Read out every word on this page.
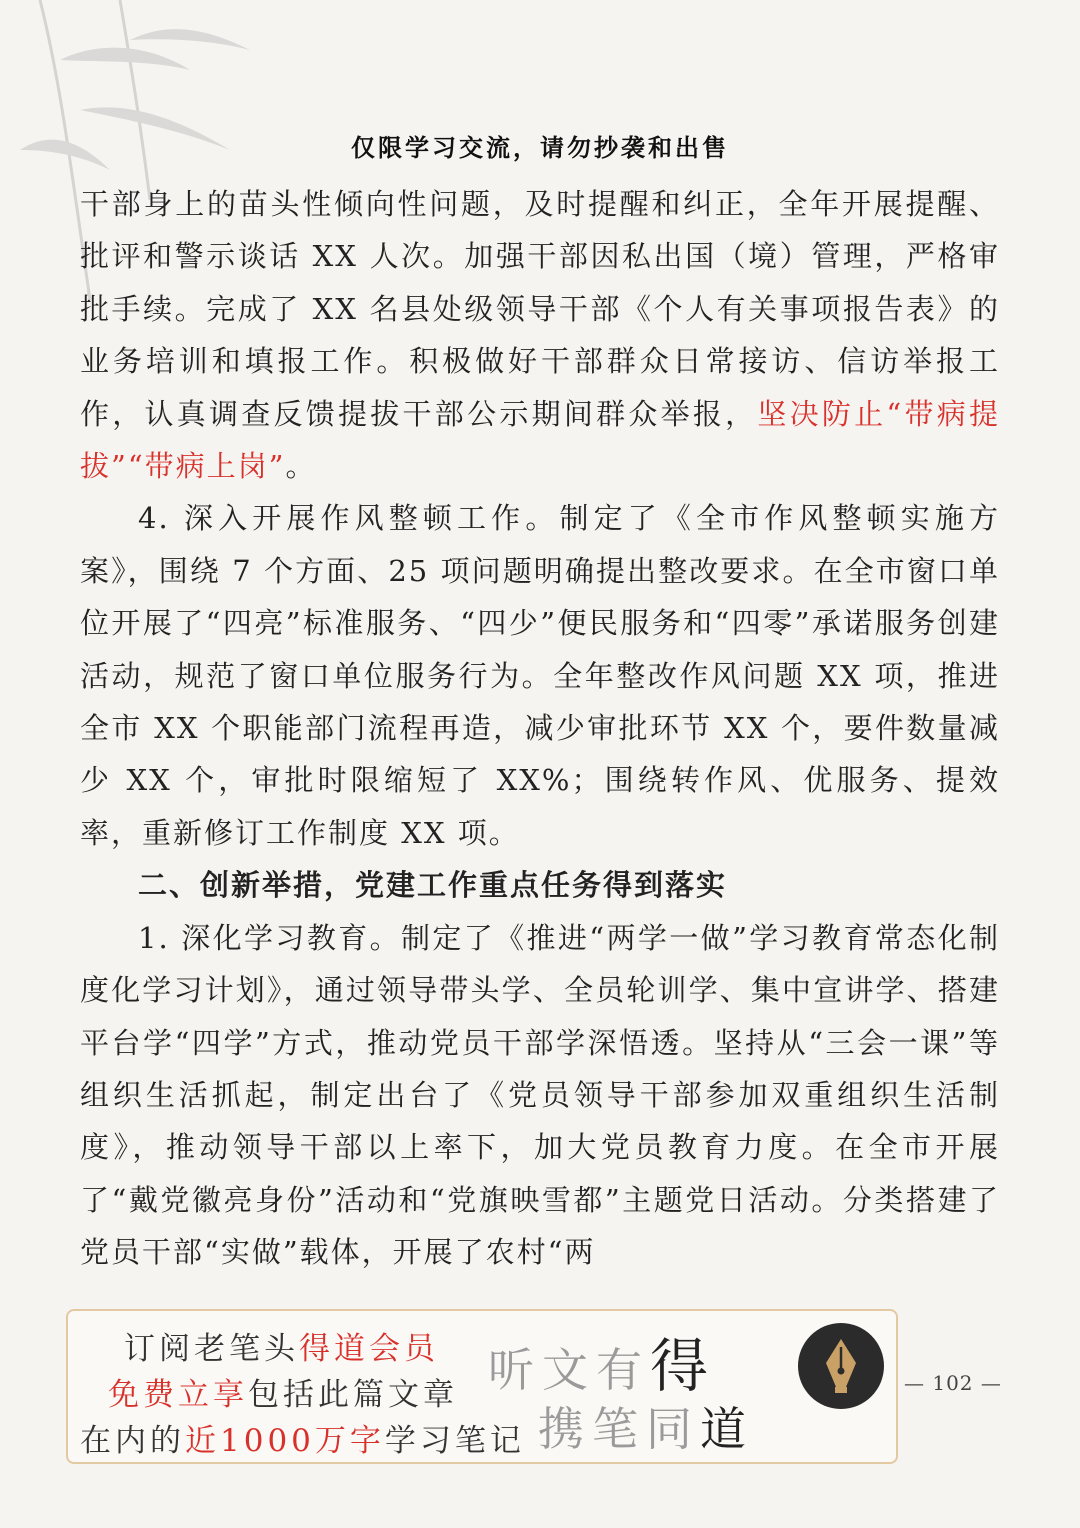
仅限学习交流，请勿抄袭和出售

干部身上的苗头性倾向性问题，及时提醒和纠正，全年开展提醒、批评和警示谈话 XX 人次。加强干部因私出国（境）管理，严格审批手续。完成了 XX 名县处级领导干部《个人有关事项报告表》的业务培训和填报工作。积极做好干部群众日常接访、信访举报工作，认真调查反馈提拔干部公示期间群众举报，坚决防止“带病提拔”“带病上岗”。

4. 深入开展作风整顿工作。制定了《全市作风整顿实施方案》，围绕 7 个方面、25 项问题明确提出整改要求。在全市窗口单位开展了“四亮”标准服务、“四少”便民服务和“四零”承诺服务创建活动，规范了窗口单位服务行为。全年整改作风问题 XX 项，推进全市 XX 个职能部门流程再造，减少审批环节 XX 个，要件数量减少 XX 个，审批时限缩短了 XX%；围绕转作风、优服务、提效率，重新修订工作制度 XX 项。

二、创新举措，党建工作重点任务得到落实

1. 深化学习教育。制定了《推进“两学一做”学习教育常态化制度化学习计划》，通过领导带头学、全员轮训学、集中宣讲学、搭建平台学“四学”方式，推动党员干部学深悟透。坚持从“三会一课”等组织生活抓起，制定出台了《党员领导干部参加双重组织生活制度》，推动领导干部以上率下，加大党员教育力度。在全市开展了“戴党徽亮身份”活动和“党旗映雪都”主题党日活动。分类搭建了党员干部“实做”载体，开展了农村“两

订阅老笔头得道会员
免费立享包括此篇文章
在内的近1000万字学习笔记
听文有得
携笔同道
— 102 —
